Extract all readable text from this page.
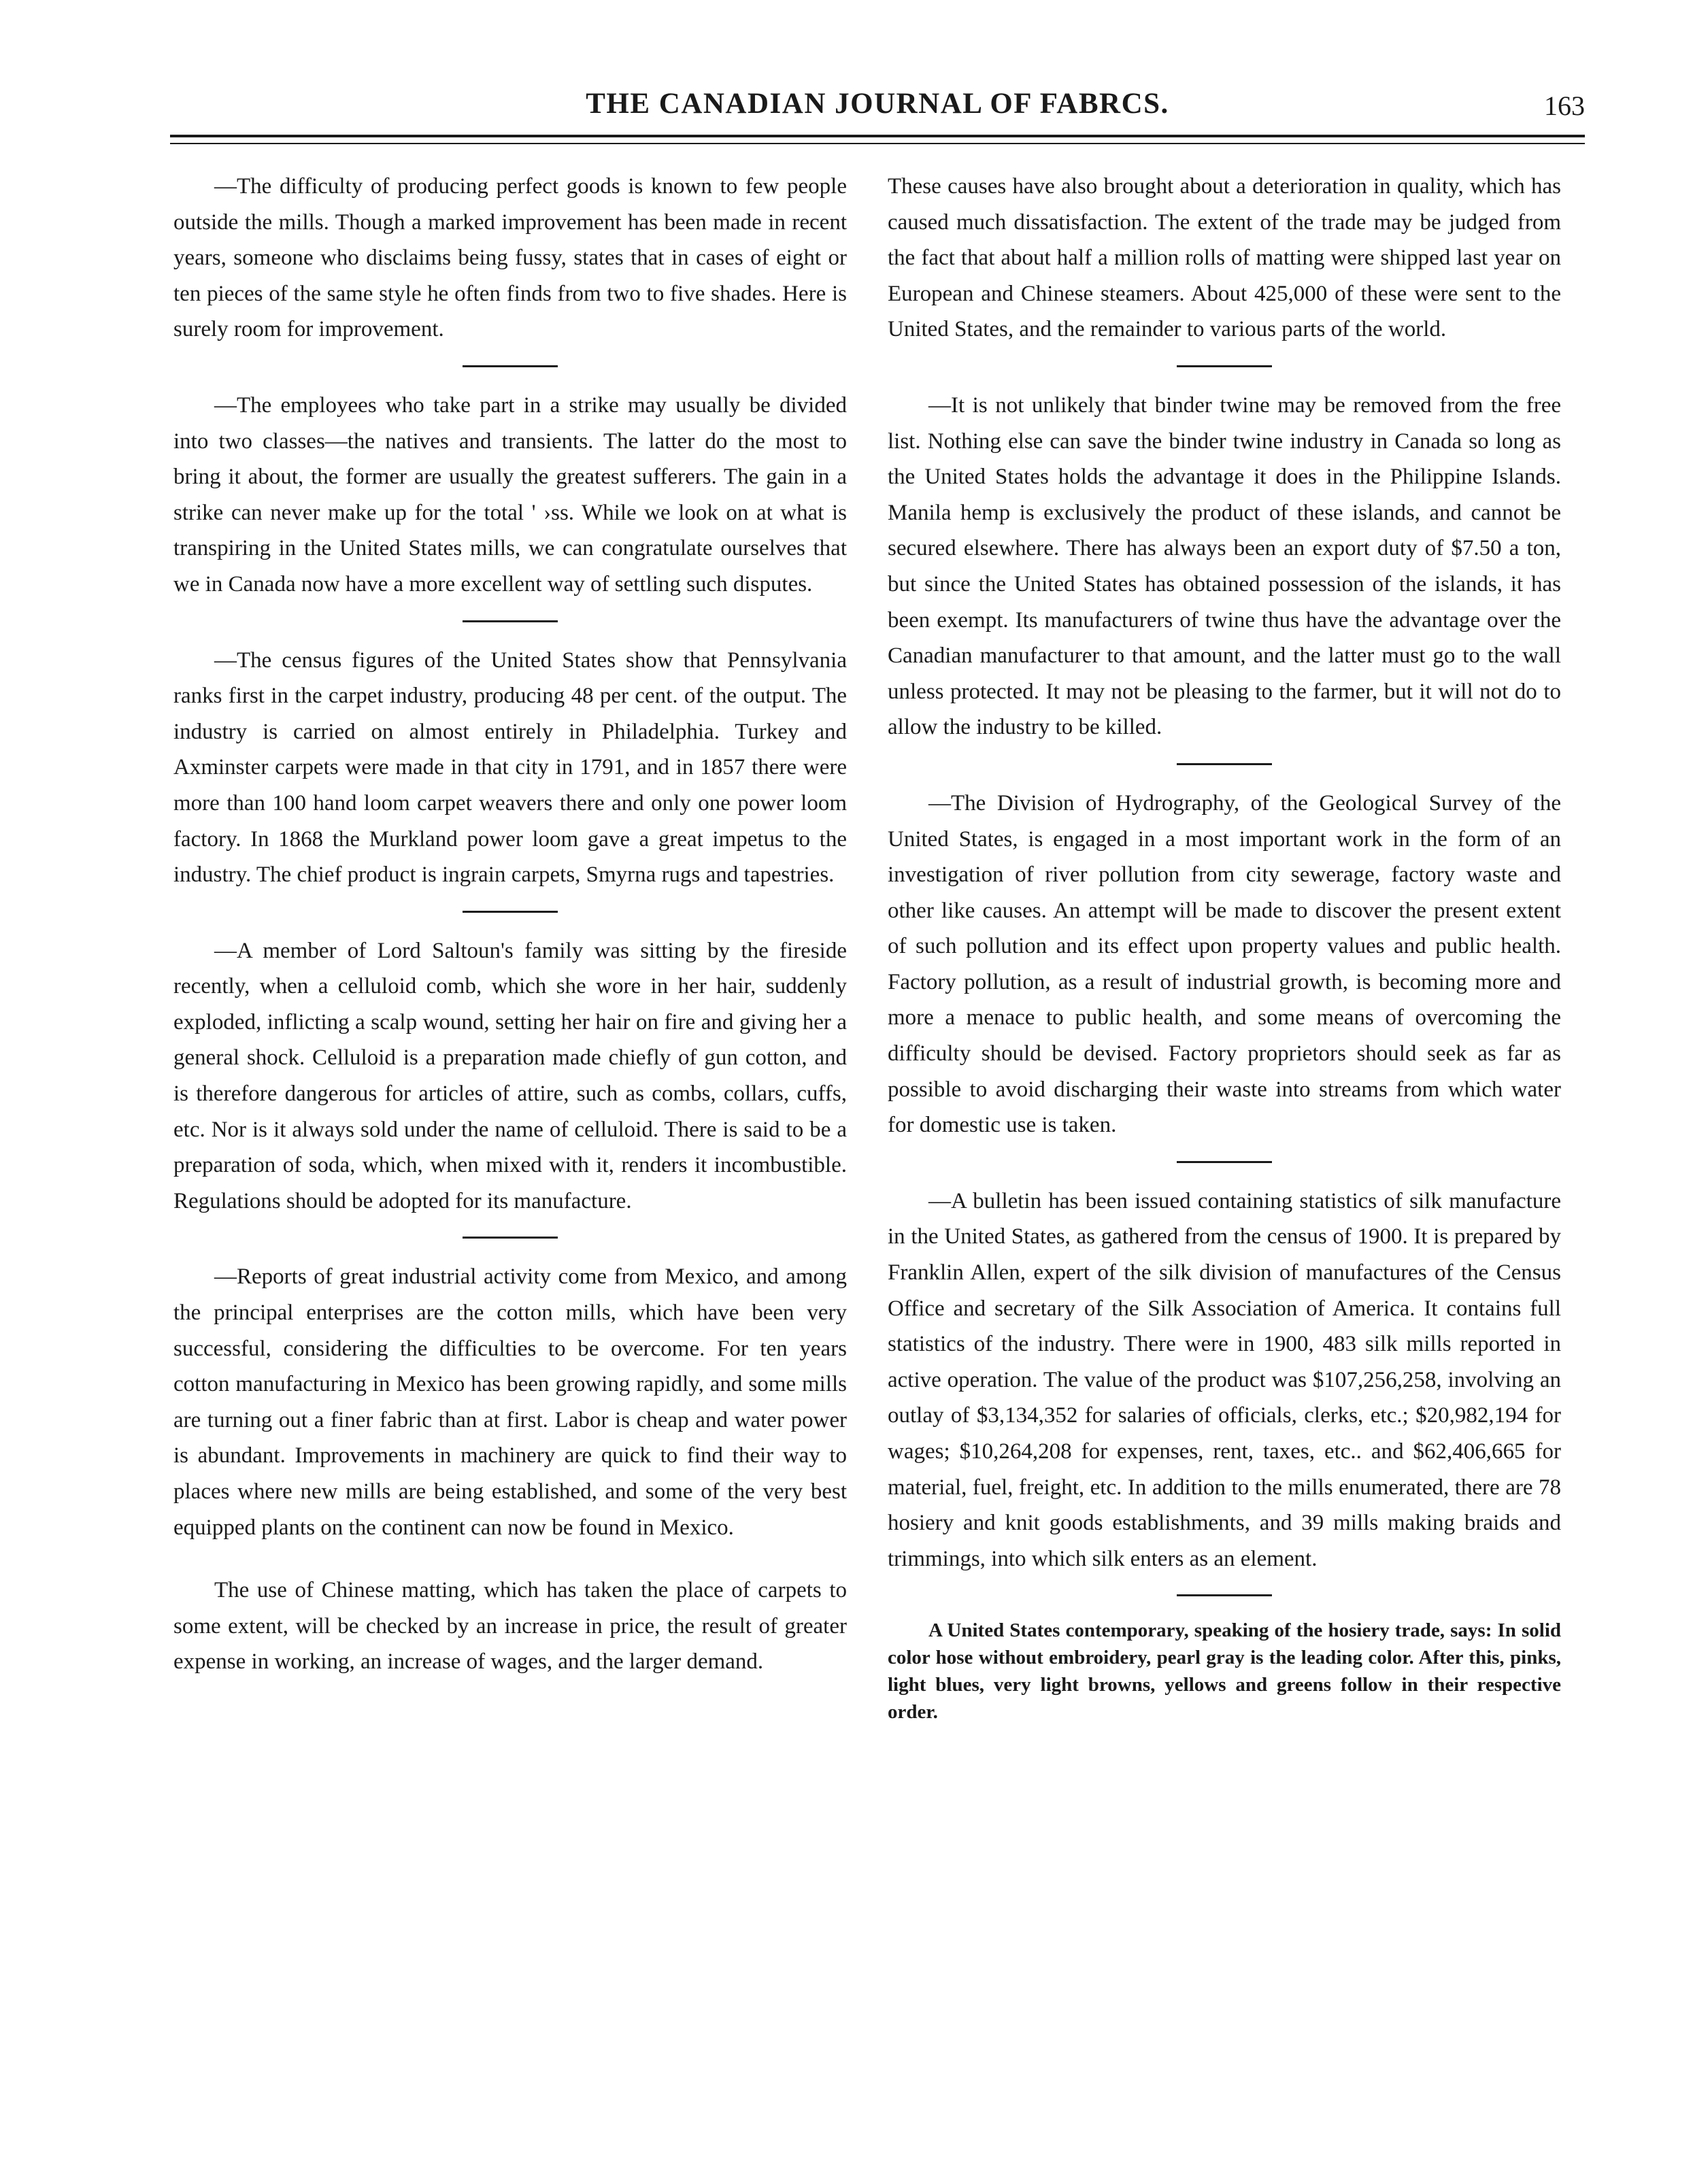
THE CANADIAN JOURNAL OF FABRCS.	163

—The difficulty of producing perfect goods is known to few people outside the mills. Though a marked improvement has been made in recent years, someone who disclaims being fussy, states that in cases of eight or ten pieces of the same style he often finds from two to five shades. Here is surely room for improvement.

—The employees who take part in a strike may usually be divided into two classes—the natives and transients. The latter do the most to bring it about, the former are usually the greatest sufferers. The gain in a strike can never make up for the total ' ›ss. While we look on at what is transpiring in the United States mills, we can congratulate ourselves that we in Canada now have a more excellent way of settling such disputes.

—The census figures of the United States show that Pennsylvania ranks first in the carpet industry, producing 48 per cent. of the output. The industry is carried on almost entirely in Philadelphia. Turkey and Axminster carpets were made in that city in 1791, and in 1857 there were more than 100 hand loom carpet weavers there and only one power loom factory. In 1868 the Murkland power loom gave a great impetus to the industry. The chief product is ingrain carpets, Smyrna rugs and tapestries.

—A member of Lord Saltoun's family was sitting by the fireside recently, when a celluloid comb, which she wore in her hair, suddenly exploded, inflicting a scalp wound, setting her hair on fire and giving her a general shock. Celluloid is a preparation made chiefly of gun cotton, and is therefore dangerous for articles of attire, such as combs, collars, cuffs, etc. Nor is it always sold under the name of celluloid. There is said to be a preparation of soda, which, when mixed with it, renders it incombustible. Regulations should be adopted for its manufacture.

—Reports of great industrial activity come from Mexico, and among the principal enterprises are the cotton mills, which have been very successful, considering the difficulties to be overcome. For ten years cotton manufacturing in Mexico has been growing rapidly, and some mills are turning out a finer fabric than at first. Labor is cheap and water power is abundant. Improvements in machinery are quick to find their way to places where new mills are being established, and some of the very best equipped plants on the continent can now be found in Mexico.

The use of Chinese matting, which has taken the place of carpets to some extent, will be checked by an increase in price, the result of greater expense in working, an increase of wages, and the larger demand.

These causes have also brought about a deterioration in quality, which has caused much dissatisfaction. The extent of the trade may be judged from the fact that about half a million rolls of matting were shipped last year on European and Chinese steamers. About 425,000 of these were sent to the United States, and the remainder to various parts of the world.

—It is not unlikely that binder twine may be removed from the free list. Nothing else can save the binder twine industry in Canada so long as the United States holds the advantage it does in the Philippine Islands. Manila hemp is exclusively the product of these islands, and cannot be secured elsewhere. There has always been an export duty of $7.50 a ton, but since the United States has obtained possession of the islands, it has been exempt. Its manufacturers of twine thus have the advantage over the Canadian manufacturer to that amount, and the latter must go to the wall unless protected. It may not be pleasing to the farmer, but it will not do to allow the industry to be killed.

—The Division of Hydrography, of the Geological Survey of the United States, is engaged in a most important work in the form of an investigation of river pollution from city sewerage, factory waste and other like causes. An attempt will be made to discover the present extent of such pollution and its effect upon property values and public health. Factory pollution, as a result of industrial growth, is becoming more and more a menace to public health, and some means of overcoming the difficulty should be devised. Factory proprietors should seek as far as possible to avoid discharging their waste into streams from which water for domestic use is taken.

—A bulletin has been issued containing statistics of silk manufacture in the United States, as gathered from the census of 1900. It is prepared by Franklin Allen, expert of the silk division of manufactures of the Census Office and secretary of the Silk Association of America. It contains full statistics of the industry. There were in 1900, 483 silk mills reported in active operation. The value of the product was $107,256,258, involving an outlay of $3,134,352 for salaries of officials, clerks, etc.; $20,982,194 for wages; $10,264,208 for expenses, rent, taxes, etc.. and $62,406,665 for material, fuel, freight, etc. In addition to the mills enumerated, there are 78 hosiery and knit goods establishments, and 39 mills making braids and trimmings, into which silk enters as an element.

A United States contemporary, speaking of the hosiery trade, says: In solid color hose without embroidery, pearl gray is the leading color. After this, pinks, light blues, very light browns, yellows and greens follow in their respective order.
